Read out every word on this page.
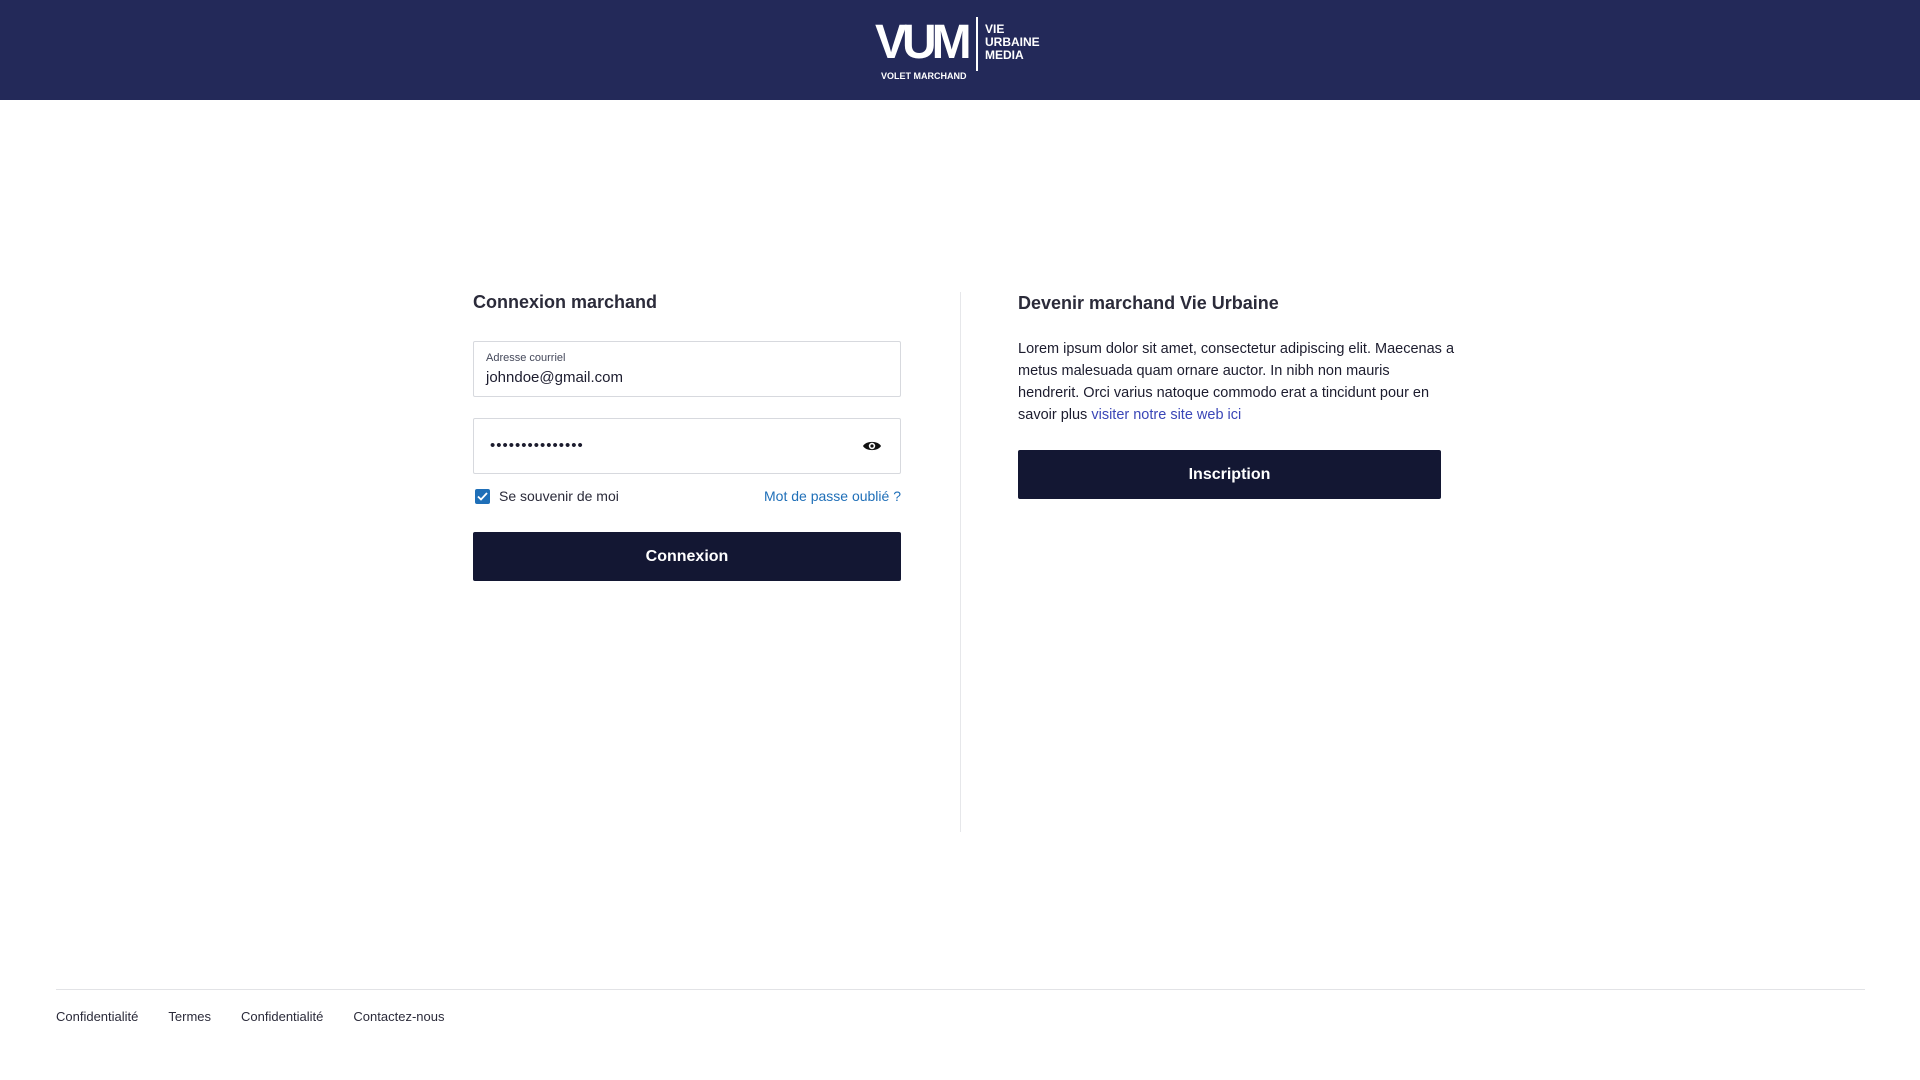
VUM VIE
URBAINE
MEDIA
VOLET MARCHAND
Connexion marchand
Adresse courriel
johndoe@gmail.com
•••••••••••••••
Se souvenir de moi	Mot de passe oublié ?
Connexion
Devenir marchand Vie Urbaine

Lorem ipsum dolor sit amet, consectetur adipiscing elit. Maecenas a metus malesuada quam ornare auctor. In nibh non mauris hendrerit. Orci varius natoque commodo erat a tincidunt pour en savoir plus visiter notre site web ici

Inscription
Confidentialité Termes Confidentialité Contactez-nous
